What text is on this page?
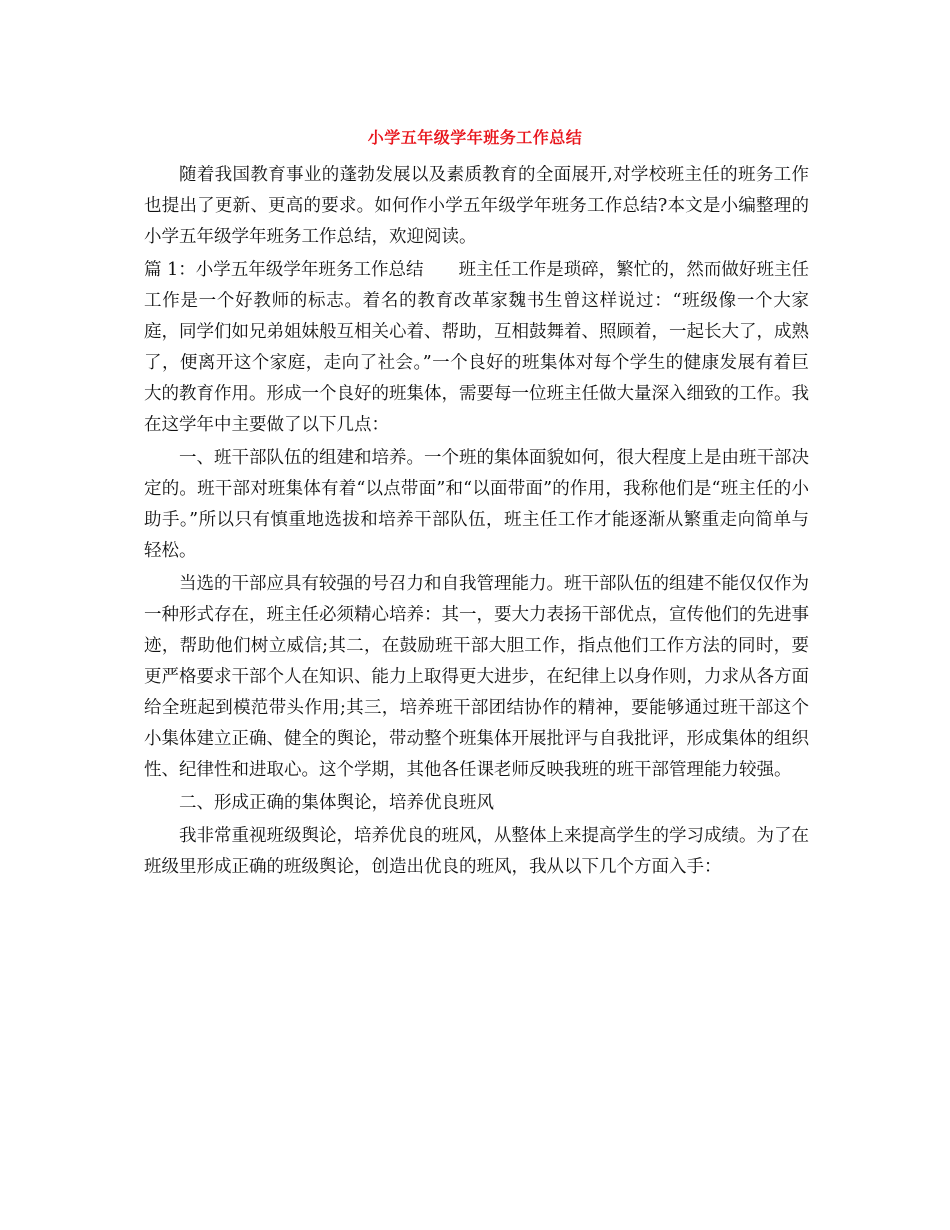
小学五年级学年班务工作总结

随着我国教育事业的蓬勃发展以及素质教育的全面展开,对学校班主任的班务工作也提出了更新、更高的要求。如何作小学五年级学年班务工作总结?本文是小编整理的小学五年级学年班务工作总结，欢迎阅读。

篇 1：小学五年级学年班务工作总结　　班主任工作是琐碎，繁忙的，然而做好班主任工作是一个好教师的标志。着名的教育改革家魏书生曾这样说过：“班级像一个大家庭，同学们如兄弟姐妹般互相关心着、帮助，互相鼓舞着、照顾着，一起长大了，成熟了，便离开这个家庭，走向了社会。”一个良好的班集体对每个学生的健康发展有着巨大的教育作用。形成一个良好的班集体，需要每一位班主任做大量深入细致的工作。我在这学年中主要做了以下几点：

一、班干部队伍的组建和培养。一个班的集体面貌如何，很大程度上是由班干部决定的。班干部对班集体有着“以点带面”和“以面带面”的作用，我称他们是“班主任的小助手。”所以只有慎重地选拔和培养干部队伍，班主任工作才能逐渐从繁重走向简单与轻松。

当选的干部应具有较强的号召力和自我管理能力。班干部队伍的组建不能仅仅作为一种形式存在，班主任必须精心培养：其一，要大力表扬干部优点，宣传他们的先进事迹，帮助他们树立威信;其二，在鼓励班干部大胆工作，指点他们工作方法的同时，要更严格要求干部个人在知识、能力上取得更大进步，在纪律上以身作则，力求从各方面给全班起到模范带头作用;其三，培养班干部团结协作的精神，要能够通过班干部这个小集体建立正确、健全的舆论，带动整个班集体开展批评与自我批评，形成集体的组织性、纪律性和进取心。这个学期，其他各任课老师反映我班的班干部管理能力较强。

二、形成正确的集体舆论，培养优良班风

我非常重视班级舆论，培养优良的班风，从整体上来提高学生的学习成绩。为了在班级里形成正确的班级舆论，创造出优良的班风，我从以下几个方面入手：
